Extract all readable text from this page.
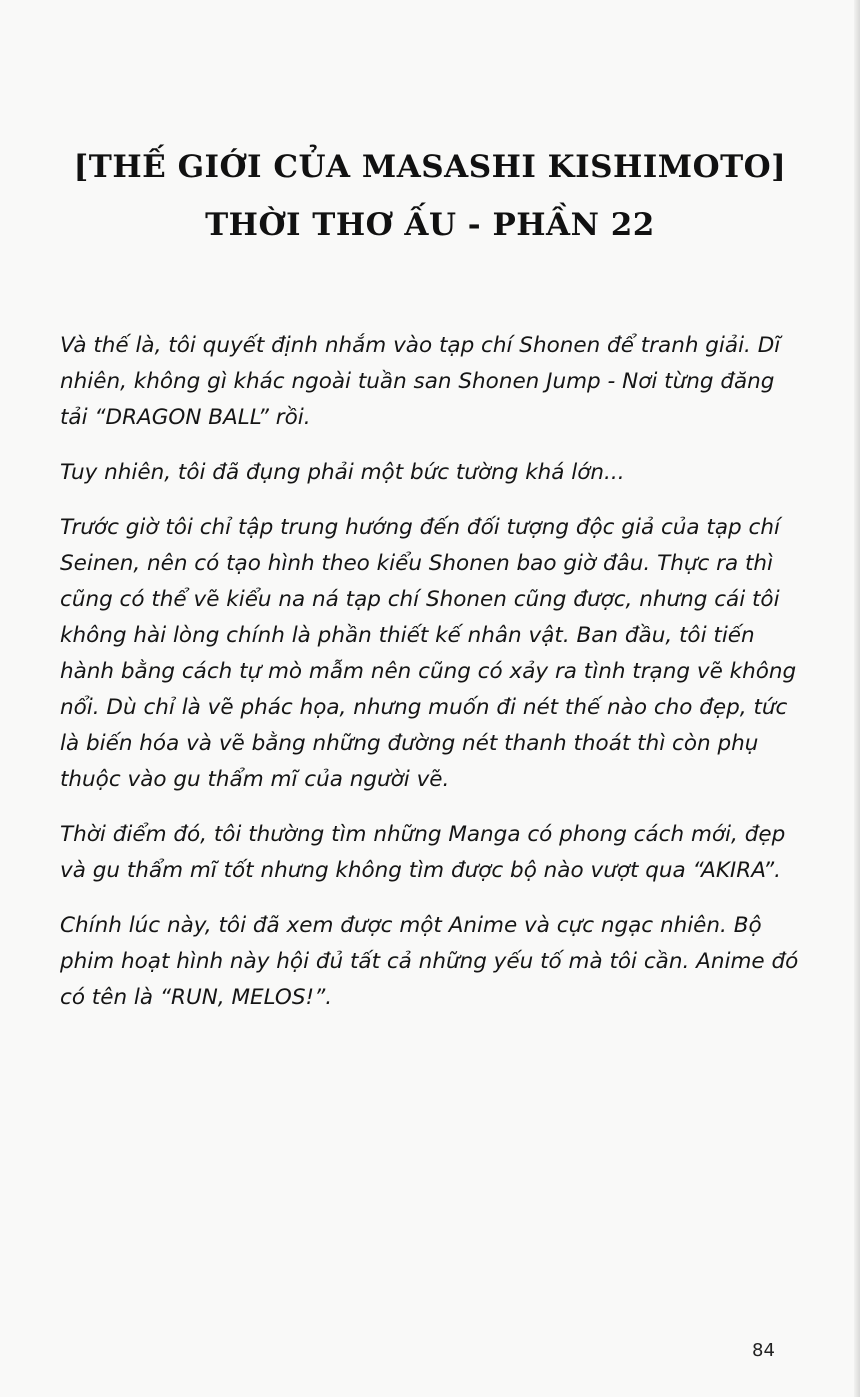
[THẾ GIỚI CỦA MASASHI KISHIMOTO]
THỜI THƠ ẤU - PHẦN 22

Và thế là, tôi quyết định nhắm vào tạp chí Shonen để tranh giải. Dĩ nhiên, không gì khác ngoài tuần san Shonen Jump - Nơi từng đăng tải “DRAGON BALL” rồi.

Tuy nhiên, tôi đã đụng phải một bức tường khá lớn...

Trước giờ tôi chỉ tập trung hướng đến đối tượng độc giả của tạp chí Seinen, nên có tạo hình theo kiểu Shonen bao giờ đâu. Thực ra thì cũng có thể vẽ kiểu na ná tạp chí Shonen cũng được, nhưng cái tôi không hài lòng chính là phần thiết kế nhân vật. Ban đầu, tôi tiến hành bằng cách tự mò mẫm nên cũng có xảy ra tình trạng vẽ không nổi. Dù chỉ là vẽ phác họa, nhưng muốn đi nét thế nào cho đẹp, tức là biến hóa và vẽ bằng những đường nét thanh thoát thì còn phụ thuộc vào gu thẩm mĩ của người vẽ.

Thời điểm đó, tôi thường tìm những Manga có phong cách mới, đẹp và gu thẩm mĩ tốt nhưng không tìm được bộ nào vượt qua “AKIRA”.

Chính lúc này, tôi đã xem được một Anime và cực ngạc nhiên. Bộ phim hoạt hình này hội đủ tất cả những yếu tố mà tôi cần. Anime đó có tên là “RUN, MELOS!”.

84
